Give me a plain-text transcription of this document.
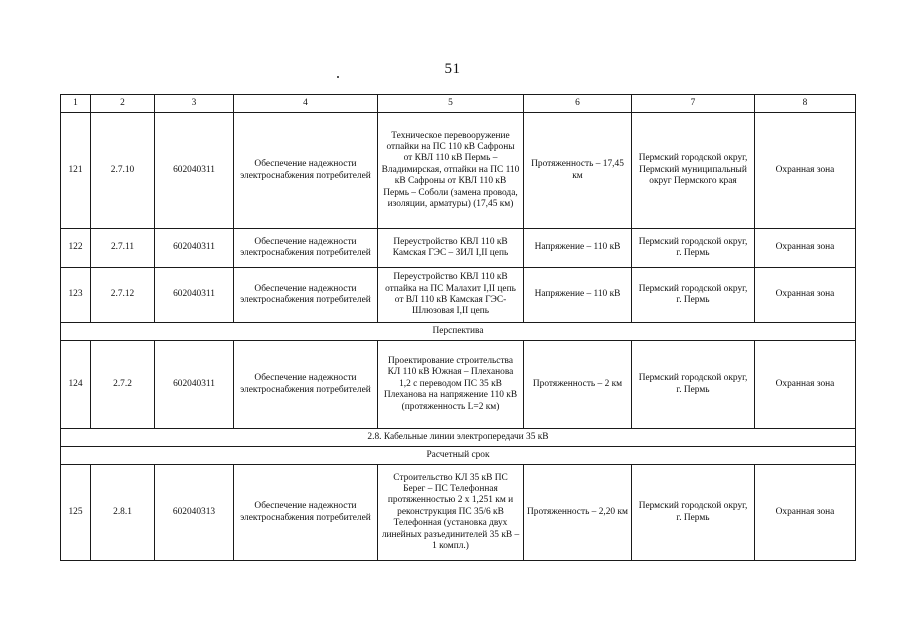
51
1	2	3	4	5	6	7	8
121	2.7.10	602040311	Обеспечение надежности электроснабжения потребителей	Техническое перевооружение отпайки на ПС 110 кВ Сафроны от КВЛ 110 кВ Пермь – Владимирская, отпайки на ПС 110 кВ Сафроны от КВЛ 110 кВ Пермь – Соболи (замена провода, изоляции, арматуры) (17,45 км)	Протяженность – 17,45 км	Пермский городской округ, Пермский муниципальный округ Пермского края	Охранная зона
122	2.7.11	602040311	Обеспечение надежности электроснабжения потребителей	Переустройство КВЛ 110 кВ Камская ГЭС – ЗИЛ I,II цепь	Напряжение – 110 кВ	Пермский городской округ, г. Пермь	Охранная зона
123	2.7.12	602040311	Обеспечение надежности электроснабжения потребителей	Переустройство КВЛ 110 кВ отпайка на ПС Малахит I,II цепь от ВЛ 110 кВ Камская ГЭС-Шлюзовая I,II цепь	Напряжение – 110 кВ	Пермский городской округ, г. Пермь	Охранная зона
Перспектива							
124	2.7.2	602040311	Обеспечение надежности электроснабжения потребителей	Проектирование строительства КЛ 110 кВ Южная – Плеханова 1,2 с переводом ПС 35 кВ Плеханова на напряжение 110 кВ (протяженность L=2 км)	Протяженность – 2 км	Пермский городской округ, г. Пермь	Охранная зона
2.8. Кабельные линии электропередачи 35 кВ							
Расчетный срок							
125	2.8.1	602040313	Обеспечение надежности электроснабжения потребителей	Строительство КЛ 35 кВ ПС Берег – ПС Телефонная протяженностью 2 х 1,251 км и реконструкция ПС 35/6 кВ Телефонная (установка двух линейных разъединителей 35 кВ – 1 компл.)	Протяженность – 2,20 км	Пермский городской округ, г. Пермь	Охранная зона
